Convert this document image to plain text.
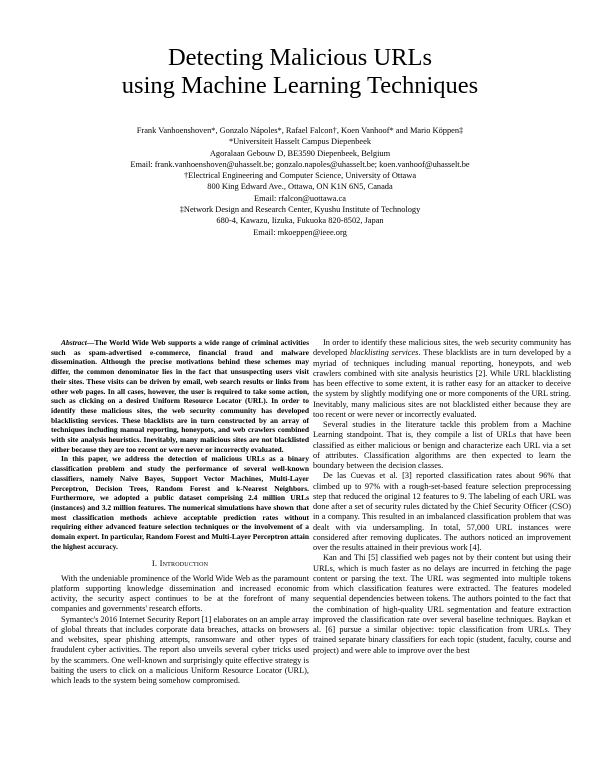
Detecting Malicious URLs
using Machine Learning Techniques
Frank Vanhoenshoven*, Gonzalo Nápoles*, Rafael Falcon†, Koen Vanhoof* and Mario Köppen‡
*Universiteit Hasselt Campus Diepenbeek
Agoralaan Gebouw D, BE3590 Diepenbeek, Belgium
Email: frank.vanhoenshoven@uhasselt.be; gonzalo.napoles@uhasselt.be; koen.vanhoof@uhasselt.be
†Electrical Engineering and Computer Science, University of Ottawa
800 King Edward Ave., Ottawa, ON K1N 6N5, Canada
Email: rfalcon@uottawa.ca
‡Network Design and Research Center, Kyushu Institute of Technology
680-4, Kawazu, Iizuka, Fukuoka 820-8502, Japan
Email: mkoeppen@ieee.org

Abstract—The World Wide Web supports a wide range of criminal activities such as spam-advertised e-commerce, financial fraud and malware dissemination. Although the precise motivations behind these schemes may differ, the common denominator lies in the fact that unsuspecting users visit their sites. These visits can be driven by email, web search results or links from other web pages. In all cases, however, the user is required to take some action, such as clicking on a desired Uniform Resource Locator (URL). In order to identify these malicious sites, the web security community has developed blacklisting services. These blacklists are in turn constructed by an array of techniques including manual reporting, honeypots, and web crawlers combined with site analysis heuristics. Inevitably, many malicious sites are not blacklisted either because they are too recent or were never or incorrectly evaluated.

In this paper, we address the detection of malicious URLs as a binary classification problem and study the performance of several well-known classifiers, namely Naïve Bayes, Support Vector Machines, Multi-Layer Perceptron, Decision Trees, Random Forest and k-Nearest Neighbors. Furthermore, we adopted a public dataset comprising 2.4 million URLs (instances) and 3.2 million features. The numerical simulations have shown that most classification methods achieve acceptable prediction rates without requiring either advanced feature selection techniques or the involvement of a domain expert. In particular, Random Forest and Multi-Layer Perceptron attain the highest accuracy.

I. Introduction

With the undeniable prominence of the World Wide Web as the paramount platform supporting knowledge dissemination and increased economic activity, the security aspect continues to be at the forefront of many companies and governments' research efforts.

Symantec's 2016 Internet Security Report [1] elaborates on an ample array of global threats that includes corporate data breaches, attacks on browsers and websites, spear phishing attempts, ransomware and other types of fraudulent cyber activities. The report also unveils several cyber tricks used by the scammers. One well-known and surprisingly quite effective strategy is baiting the users to click on a malicious Uniform Resource Locator (URL), which leads to the system being somehow compromised.

In order to identify these malicious sites, the web security community has developed blacklisting services. These blacklists are in turn developed by a myriad of techniques including manual reporting, honeypots, and web crawlers combined with site analysis heuristics [2]. While URL blacklisting has been effective to some extent, it is rather easy for an attacker to deceive the system by slightly modifying one or more components of the URL string. Inevitably, many malicious sites are not blacklisted either because they are too recent or were never or incorrectly evaluated.

Several studies in the literature tackle this problem from a Machine Learning standpoint. That is, they compile a list of URLs that have been classified as either malicious or benign and characterize each URL via a set of attributes. Classification algorithms are then expected to learn the boundary between the decision classes.

De las Cuevas et al. [3] reported classification rates about 96% that climbed up to 97% with a rough-set-based feature selection preprocessing step that reduced the original 12 features to 9. The labeling of each URL was done after a set of security rules dictated by the Chief Security Officer (CSO) in a company. This resulted in an imbalanced classification problem that was dealt with via undersampling. In total, 57,000 URL instances were considered after removing duplicates. The authors noticed an improvement over the results attained in their previous work [4].

Kan and Thi [5] classified web pages not by their content but using their URLs, which is much faster as no delays are incurred in fetching the page content or parsing the text. The URL was segmented into multiple tokens from which classification features were extracted. The features modeled sequential dependencies between tokens. The authors pointed to the fact that the combination of high-quality URL segmentation and feature extraction improved the classification rate over several baseline techniques. Baykan et al. [6] pursue a similar objective: topic classification from URLs. They trained separate binary classifiers for each topic (student, faculty, course and project) and were able to improve over the best
